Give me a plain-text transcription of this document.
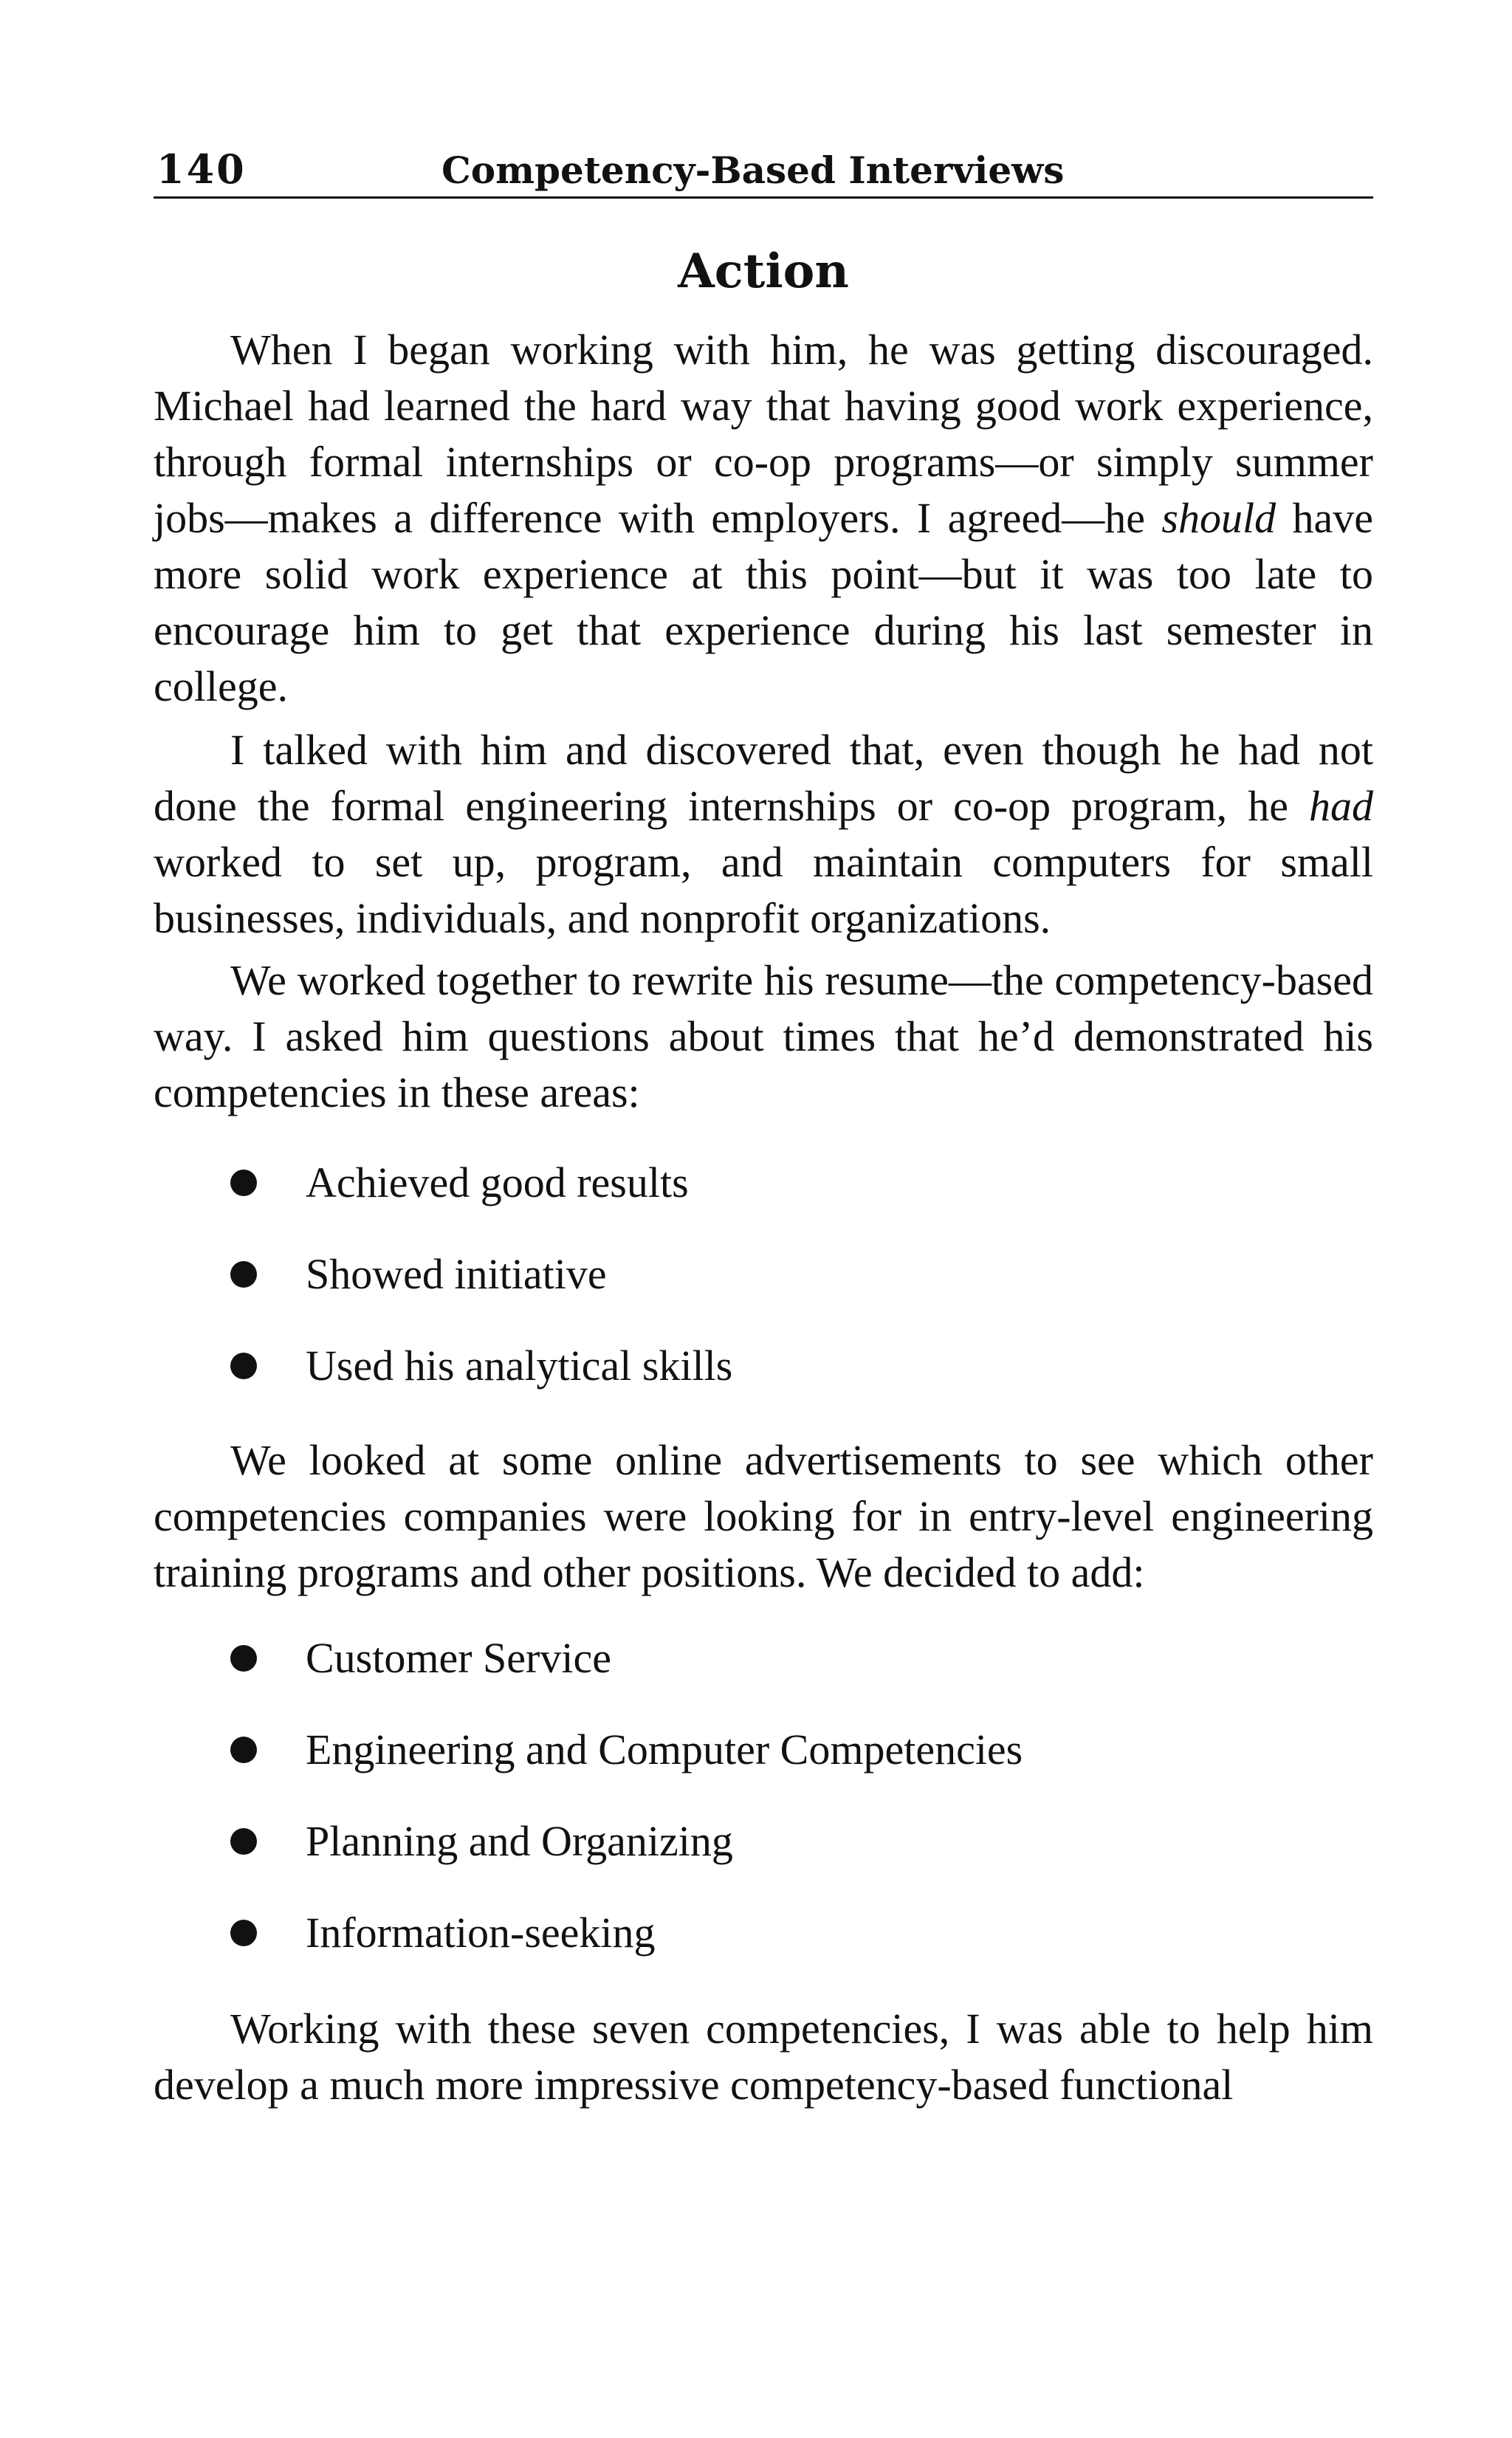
140	Competency-Based Interviews
Action

When I began working with him, he was getting discouraged. Michael had learned the hard way that having good work experience, through formal internships or co-op programs—or simply summer jobs—makes a difference with employers. I agreed—he should have more solid work experience at this point—but it was too late to encourage him to get that experience during his last semester in college.

I talked with him and discovered that, even though he had not done the formal engineering internships or co-op program, he had worked to set up, program, and maintain computers for small businesses, individuals, and nonprofit organizations.

We worked together to rewrite his resume—the competency-based way. I asked him questions about times that he’d demonstrated his competencies in these areas:

Achieved good results
Showed initiative
Used his analytical skills

We looked at some online advertisements to see which other competencies companies were looking for in entry-level engineering training programs and other positions. We decided to add:

Customer Service
Engineering and Computer Competencies
Planning and Organizing
Information-seeking

Working with these seven competencies, I was able to help him develop a much more impressive competency-based functional
